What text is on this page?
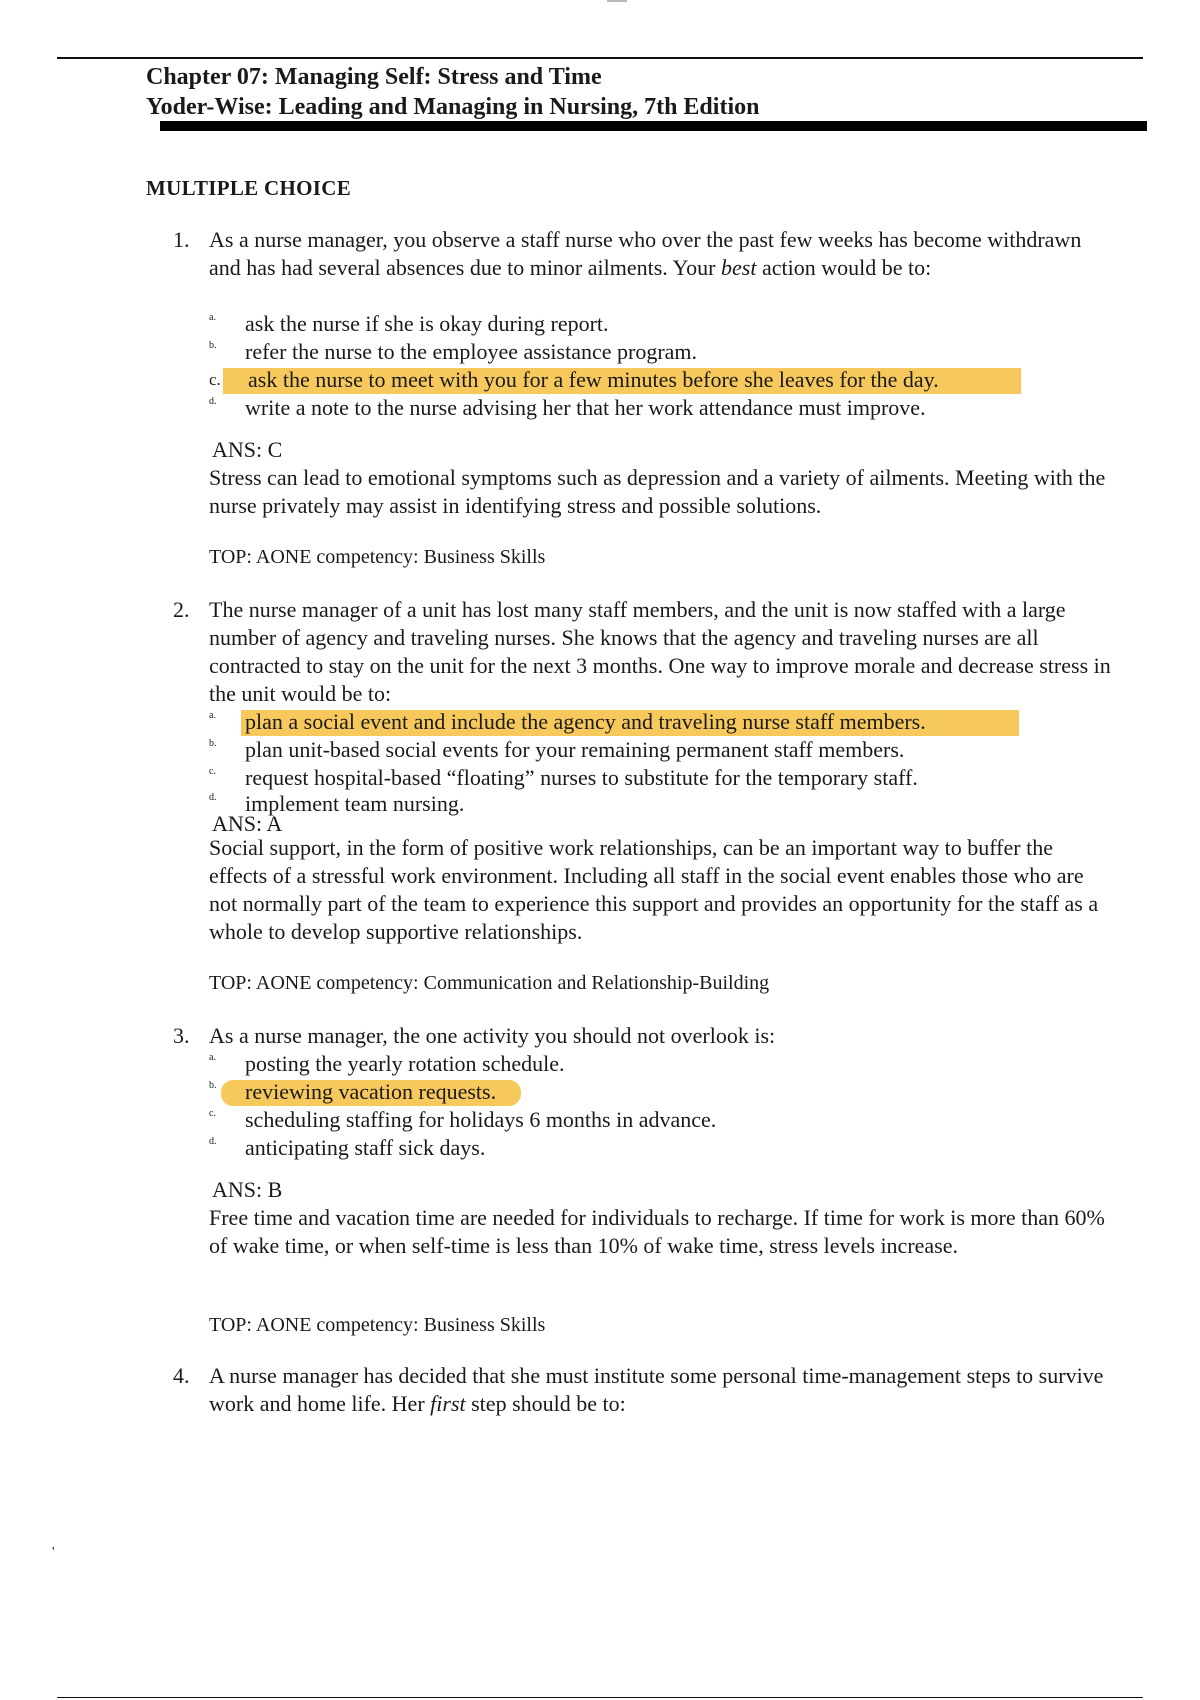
Chapter 07: Managing Self: Stress and Time
Yoder-Wise: Leading and Managing in Nursing, 7th Edition
MULTIPLE CHOICE
1. As a nurse manager, you observe a staff nurse who over the past few weeks has become withdrawn and has had several absences due to minor ailments. Your best action would be to:
a. ask the nurse if she is okay during report.
b. refer the nurse to the employee assistance program.
c. ask the nurse to meet with you for a few minutes before she leaves for the day.
d. write a note to the nurse advising her that her work attendance must improve.
ANS: C
Stress can lead to emotional symptoms such as depression and a variety of ailments. Meeting with the nurse privately may assist in identifying stress and possible solutions.
TOP: AONE competency: Business Skills
2. The nurse manager of a unit has lost many staff members, and the unit is now staffed with a large number of agency and traveling nurses. She knows that the agency and traveling nurses are all contracted to stay on the unit for the next 3 months. One way to improve morale and decrease stress in the unit would be to:
a. plan a social event and include the agency and traveling nurse staff members.
b. plan unit-based social events for your remaining permanent staff members.
c. request hospital-based “floating” nurses to substitute for the temporary staff.
d. implement team nursing.
ANS: A
Social support, in the form of positive work relationships, can be an important way to buffer the effects of a stressful work environment. Including all staff in the social event enables those who are not normally part of the team to experience this support and provides an opportunity for the staff as a whole to develop supportive relationships.
TOP: AONE competency: Communication and Relationship-Building
3. As a nurse manager, the one activity you should not overlook is:
a. posting the yearly rotation schedule.
b. reviewing vacation requests.
c. scheduling staffing for holidays 6 months in advance.
d. anticipating staff sick days.
ANS: B
Free time and vacation time are needed for individuals to recharge. If time for work is more than 60% of wake time, or when self-time is less than 10% of wake time, stress levels increase.
TOP: AONE competency: Business Skills
4. A nurse manager has decided that she must institute some personal time-management steps to survive work and home life. Her first step should be to:
'
